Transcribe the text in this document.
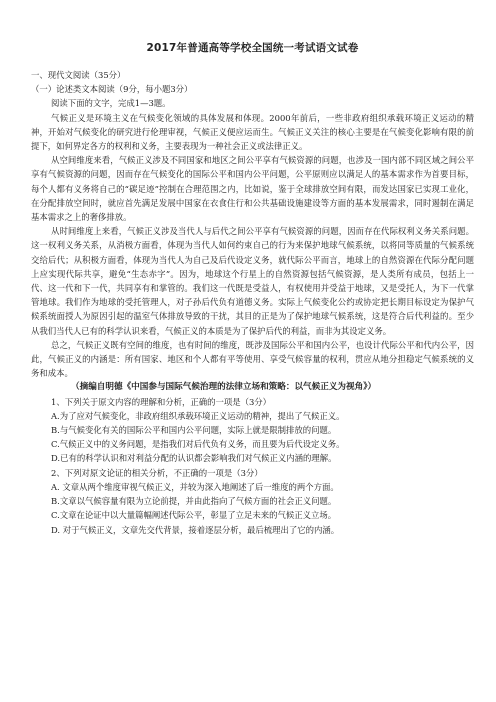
2017年普通高等学校全国统一考试语文试卷

一、现代文阅读（35分）

（一）论述类文本阅读（9分，每小题3分）

阅读下面的文字，完成1—3题。

气候正义是环境主义在气候变化领域的具体发展和体现。2000年前后，一些非政府组织承载环境正义运动的精神，开始对气候变化的研究进行伦理审视，气候正义便应运而生。气候正义关注的核心主要是在气候变化影响有限的前提下，如何界定各方的权利和义务，主要表现为一种社会正义或法律正义。

从空间维度来看，气候正义涉及不同国家和地区之间公平享有气候资源的问题，也涉及一国内部不同区域之间公平享有气候资源的问题，因而存在气候变化的国际公平和国内公平问题，公平原则应以满足人的基本需求作为首要目标，每个人都有义务将自己的“碳足迹”控制在合理范围之内，比如说，鉴于全球排放空间有限，而发达国家已实现工业化，在分配排放空间时，就应首先满足发展中国家在衣食住行和公共基础设施建设等方面的基本发展需求，同时遏制在满足基本需求之上的奢侈排放。

从时间维度上来看，气候正义涉及当代人与后代之间公平享有气候资源的问题，因而存在代际权利义务关系问题。这一权利义务关系，从消极方面看，体现为当代人如何约束自己的行为来保护地球气候系统，以将同等质量的气候系统交给后代；从积极方面看，体现为当代人为自己及后代设定义务，就代际公平而言，地球上的自然资源在代际分配问题上应实现代际共享，避免“生态赤字”。因为，地球这个行星上的自然资源包括气候资源，是人类所有成员，包括上一代、这一代和下一代，共同享有和掌管的。我们这一代既是受益人，有权使用并受益于地球，又是受托人，为下一代掌管地球。我们作为地球的受托管理人，对子孙后代负有道德义务。实际上气候变化公约或协定把长期目标设定为保护气候系统面授人为原因引起的温室气体排放导致的干扰，其目的正是为了保护地球气候系统，这是符合后代利益的。至少从我们当代人已有的科学认识来看，气候正义的本质是为了保护后代的利益，而非为其设定义务。

总之，气候正义既有空间的维度，也有时间的维度，既涉及国际公平和国内公平，也设计代际公平和代内公平，因此，气候正义的内涵是：所有国家、地区和个人都有平等使用、享受气候容量的权利，贯应从地分担稳定气候系统的义务和成本。

（摘编自明德《中国参与国际气候治理的法律立场和策略：以气候正义为视角》）

1、下列关于原文内容的理解和分析，正确的一项是（3分）

A.为了应对气候变化，非政府组织承载环境正义运动的精神，提出了气候正义。

B.与气候变化有关的国际公平和国内公平问题，实际上就是限制排放的问题。

C.气候正义中的义务问题，是指我们对后代负有义务，而且要为后代设定义务。

D.已有的科学认识和对利益分配的认识都会影响我们对气候正义内涵的理解。

2、下列对原文论证的相关分析，不正确的一项是（3分）

A. 文章从两个维度审视气候正义，并较为深入地阐述了后一维度的两个方面。

B.文章以气候容量有限为立论前提，并由此指向了气候方面的社会正义问题。

C.文章在论证中以大量篇幅阐述代际公平，彰显了立足未来的气候正义立场。

D. 对于气候正义，文章先交代背景，接着逐层分析，最后梳理出了它的内涵。
